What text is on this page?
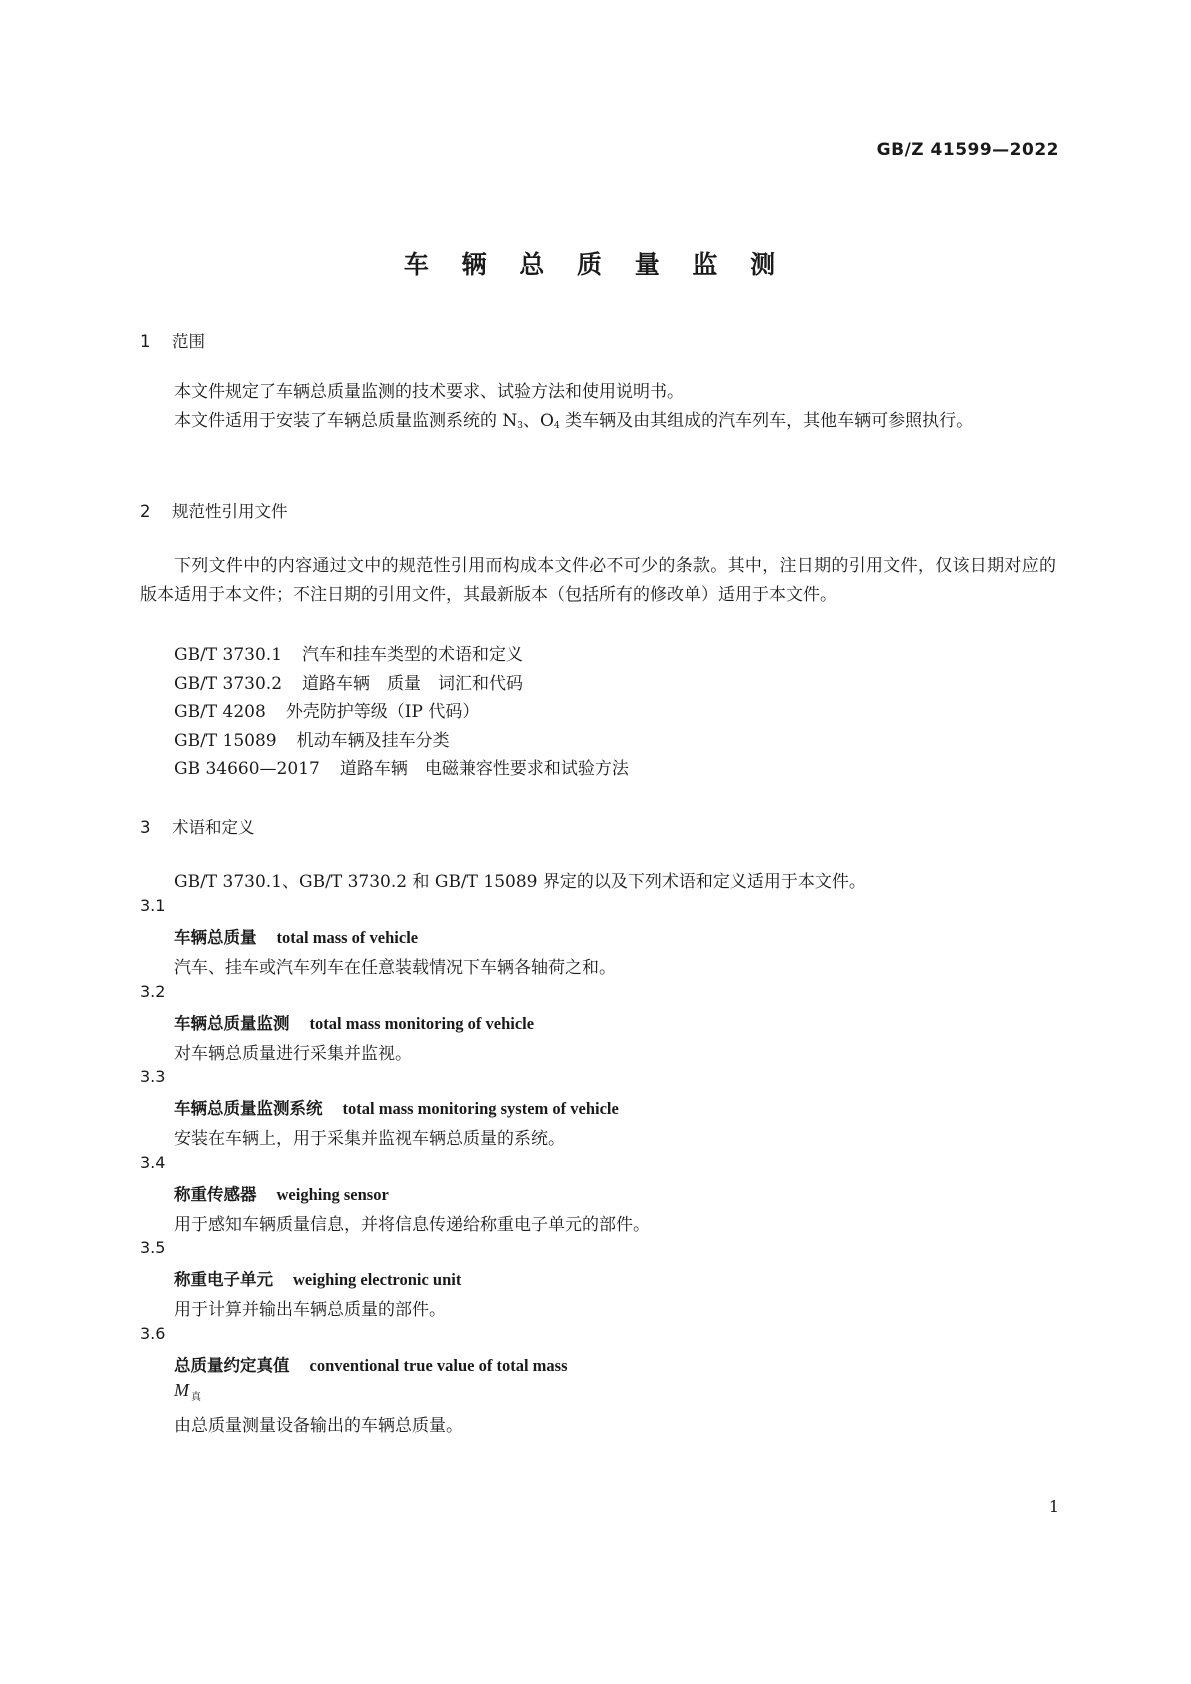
GB/Z 41599—2022
车 辆 总 质 量 监 测
1 范围
本文件规定了车辆总质量监测的技术要求、试验方法和使用说明书。
本文件适用于安装了车辆总质量监测系统的 $N_3$、$O_4$ 类车辆及由其组成的汽车列车，其他车辆可参照执行。
2 规范性引用文件
下列文件中的内容通过文中的规范性引用而构成本文件必不可少的条款。其中，注日期的引用文件，仅该日期对应的版本适用于本文件；不注日期的引用文件，其最新版本（包括所有的修改单）适用于本文件。
GB/T 3730.1 汽车和挂车类型的术语和定义
GB/T 3730.2 道路车辆　质量　词汇和代码
GB/T 4208 外壳防护等级（IP 代码）
GB/T 15089 机动车辆及挂车分类
GB 34660—2017 道路车辆　电磁兼容性要求和试验方法
3 术语和定义
GB/T 3730.1、GB/T 3730.2 和 GB/T 15089 界定的以及下列术语和定义适用于本文件。
3.1
车辆总质量 total mass of vehicle
汽车、挂车或汽车列车在任意装载情况下车辆各轴荷之和。
3.2
车辆总质量监测 total mass monitoring of vehicle
对车辆总质量进行采集并监视。
3.3
车辆总质量监测系统 total mass monitoring system of vehicle
安装在车辆上，用于采集并监视车辆总质量的系统。
3.4
称重传感器 weighing sensor
用于感知车辆质量信息，并将信息传递给称重电子单元的部件。
3.5
称重电子单元 weighing electronic unit
用于计算并输出车辆总质量的部件。
3.6
总质量约定真值 conventional true value of total mass
M $_真$
由总质量测量设备输出的车辆总质量。
1
